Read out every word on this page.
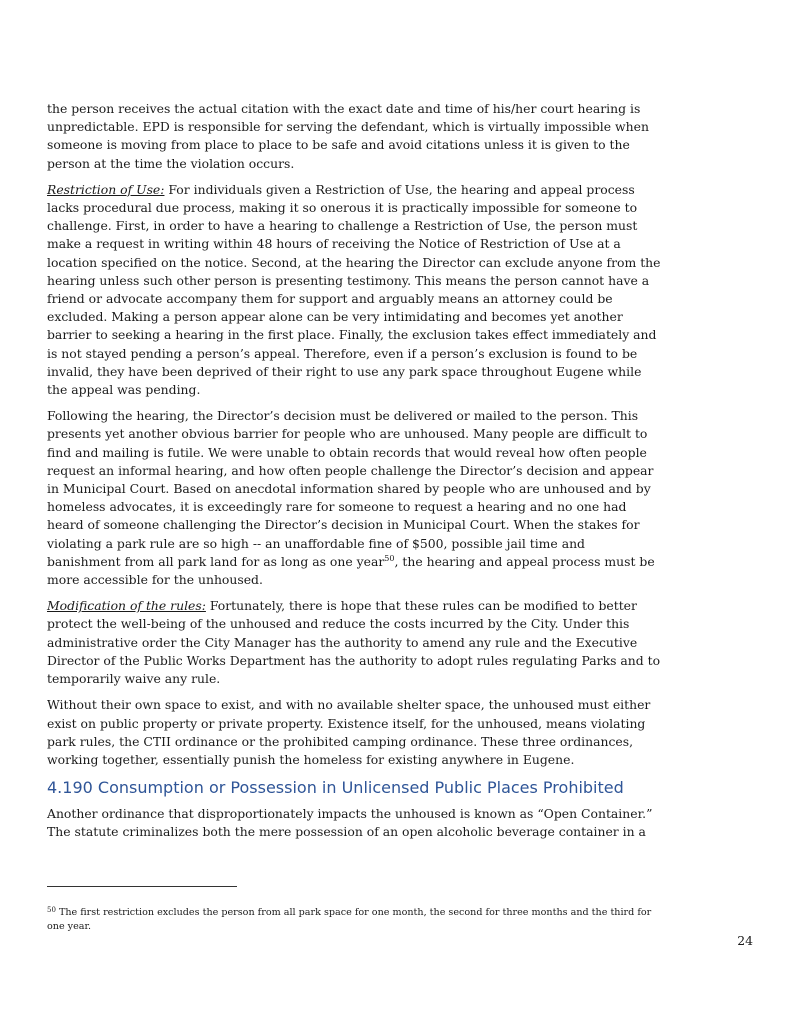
the person receives the actual citation with the exact date and time of his/her court hearing is unpredictable. EPD is responsible for serving the defendant, which is virtually impossible when someone is moving from place to place to be safe and avoid citations unless it is given to the person at the time the violation occurs.

Restriction of Use: For individuals given a Restriction of Use, the hearing and appeal process lacks procedural due process, making it so onerous it is practically impossible for someone to challenge. First, in order to have a hearing to challenge a Restriction of Use, the person must make a request in writing within 48 hours of receiving the Notice of Restriction of Use at a location specified on the notice. Second, at the hearing the Director can exclude anyone from the hearing unless such other person is presenting testimony. This means the person cannot have a friend or advocate accompany them for support and arguably means an attorney could be excluded. Making a person appear alone can be very intimidating and becomes yet another barrier to seeking a hearing in the first place. Finally, the exclusion takes effect immediately and is not stayed pending a person’s appeal. Therefore, even if a person’s exclusion is found to be invalid, they have been deprived of their right to use any park space throughout Eugene while the appeal was pending.

Following the hearing, the Director’s decision must be delivered or mailed to the person. This presents yet another obvious barrier for people who are unhoused. Many people are difficult to find and mailing is futile. We were unable to obtain records that would reveal how often people request an informal hearing, and how often people challenge the Director’s decision and appear in Municipal Court. Based on anecdotal information shared by people who are unhoused and by homeless advocates, it is exceedingly rare for someone to request a hearing and no one had heard of someone challenging the Director’s decision in Municipal Court. When the stakes for violating a park rule are so high -- an unaffordable fine of $500, possible jail time and banishment from all park land for as long as one year$^{50}$, the hearing and appeal process must be more accessible for the unhoused.

Modification of the rules: Fortunately, there is hope that these rules can be modified to better protect the well-being of the unhoused and reduce the costs incurred by the City. Under this administrative order the City Manager has the authority to amend any rule and the Executive Director of the Public Works Department has the authority to adopt rules regulating Parks and to temporarily waive any rule.

Without their own space to exist, and with no available shelter space, the unhoused must either exist on public property or private property. Existence itself, for the unhoused, means violating park rules, the CTII ordinance or the prohibited camping ordinance. These three ordinances, working together, essentially punish the homeless for existing anywhere in Eugene.

4.190 Consumption or Possession in Unlicensed Public Places Prohibited

Another ordinance that disproportionately impacts the unhoused is known as “Open Container.” The statute criminalizes both the mere possession of an open alcoholic beverage container in a

$^{50}$ The first restriction excludes the person from all park space for one month, the second for three months and the third for one year.
24
